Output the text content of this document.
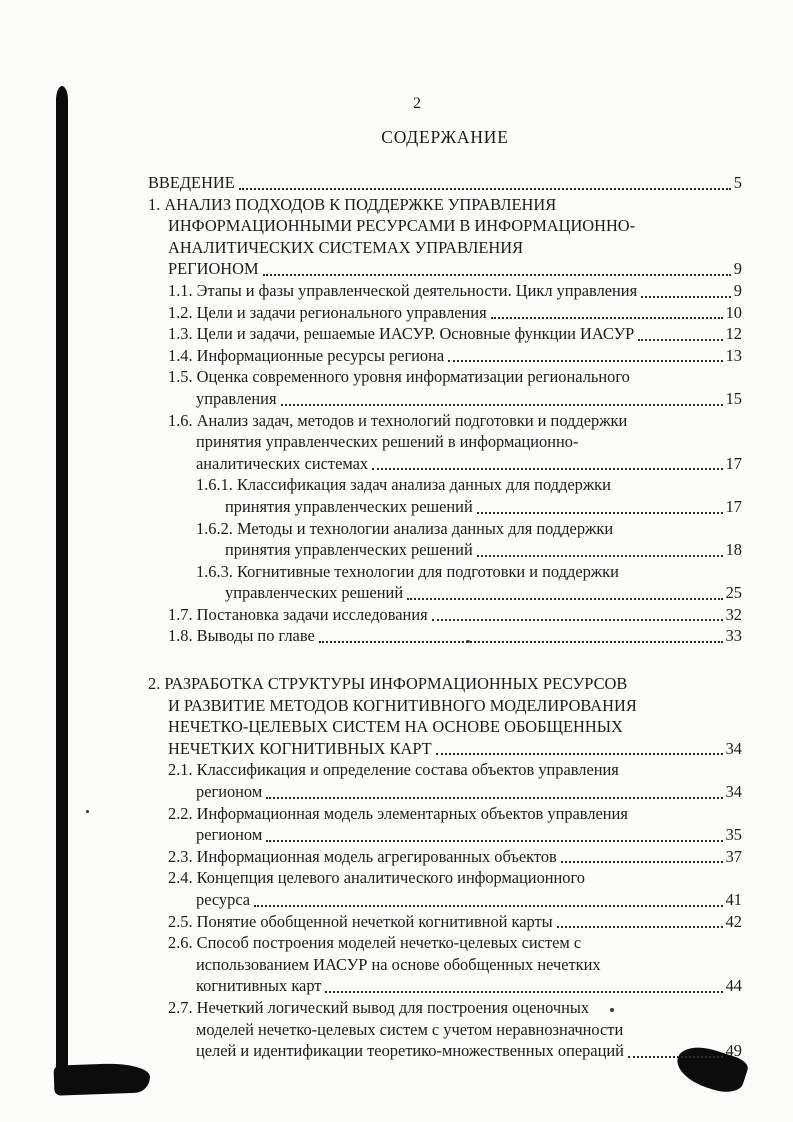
2
СОДЕРЖАНИЕ
ВВЕДЕНИЕ	5
1. АНАЛИЗ ПОДХОДОВ К ПОДДЕРЖКЕ УПРАВЛЕНИЯ
ИНФОРМАЦИОННЫМИ РЕСУРСАМИ В ИНФОРМАЦИОННО-
АНАЛИТИЧЕСКИХ СИСТЕМАХ УПРАВЛЕНИЯ
РЕГИОНОМ	9
1.1. Этапы и фазы управленческой деятельности. Цикл управления	9
1.2. Цели и задачи регионального управления	10
1.3. Цели и задачи, решаемые ИАСУР. Основные функции ИАСУР	12
1.4. Информационные ресурсы региона	13
1.5. Оценка современного уровня информатизации регионального
управления	15
1.6. Анализ задач, методов и технологий подготовки и поддержки
принятия управленческих решений в информационно-
аналитических системах	17
1.6.1. Классификация задач анализа данных для поддержки
принятия управленческих решений	17
1.6.2. Методы и технологии анализа данных для поддержки
принятия управленческих решений	18
1.6.3. Когнитивные технологии для подготовки и поддержки
управленческих решений	25
1.7. Постановка задачи исследования	32
1.8. Выводы по главе	33
2. РАЗРАБОТКА СТРУКТУРЫ ИНФОРМАЦИОННЫХ РЕСУРСОВ
И РАЗВИТИЕ МЕТОДОВ КОГНИТИВНОГО МОДЕЛИРОВАНИЯ
НЕЧЕТКО-ЦЕЛЕВЫХ СИСТЕМ НА ОСНОВЕ ОБОБЩЕННЫХ
НЕЧЕТКИХ КОГНИТИВНЫХ КАРТ	34
2.1. Классификация и определение состава объектов управления
регионом	34
2.2. Информационная модель элементарных объектов управления
регионом	35
2.3. Информационная модель агрегированных объектов	37
2.4. Концепция целевого аналитического информационного
ресурса	41
2.5. Понятие обобщенной нечеткой когнитивной карты	42
2.6. Способ построения моделей нечетко-целевых систем с
использованием ИАСУР на основе обобщенных нечетких
когнитивных карт	44
2.7. Нечеткий логический вывод для построения оценочных
моделей нечетко-целевых систем с учетом неравнозначности
целей и идентификации теоретико-множественных операций	49
